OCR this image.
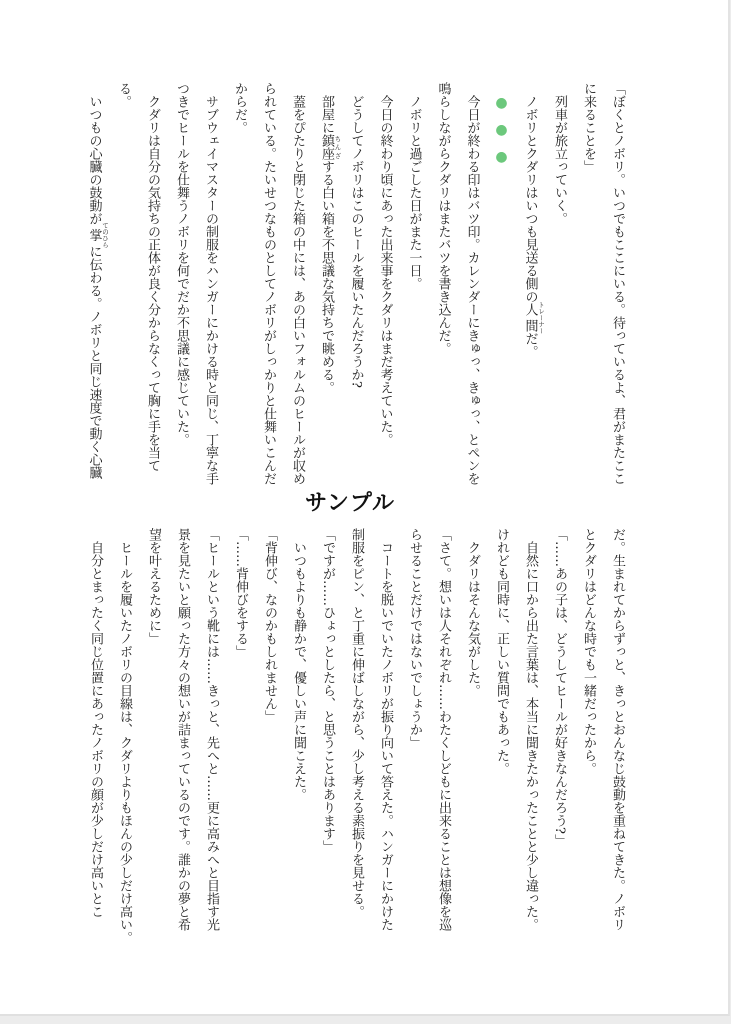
「ぼくとノボリ。いつでもここにいる。待っているよ、君がまたここ

に来ることを」

列車が旅立っていく。

ノボリとクダリはいつも見送る側の人間 トレーナーだ。

●●●

今日が終わる印はバツ印。カレンダーにきゅっ、きゅっ、とペンを

鳴らしながらクダリはまたバツを書き込んだ。

ノボリと過ごした日がまた一日。

今日の終わり頃にあった出来事をクダリはまだ考えていた。

どうしてノボリはこのヒールを履いたんだろうか?

部屋に鎮座 ちんざする白い箱を不思議な気持ちで眺める。

蓋をぴたりと閉じた箱の中には、あの白いフォルムのヒールが収め

られている。たいせつなものとしてノボリがしっかりと仕舞いこんだ

からだ。

サブウェイマスターの制服をハンガーにかける時と同じ、丁寧な手

つきでヒールを仕舞うノボリを何でだか不思議に感じていた。

クダリは自分の気持ちの正体が良く分からなくって胸に手を当て

る。

いつもの心臓の鼓動が掌 てのひらに伝わる。ノボリと同じ速度で動く心臓

サンプル

だ。生まれてからずっと、きっとおんなじ鼓動を重ねてきた。ノボリ

とクダリはどんな時でも一緒だったから。

「……あの子は、どうしてヒールが好きなんだろう?」

自然に口から出た言葉は、本当に聞きたかったことと少し違った。

けれども同時に、正しい質問でもあった。

クダリはそんな気がした。

「さて。想いは人それぞれ……わたくしどもに出来ることは想像を巡

らせることだけではないでしょうか」

コートを脱いでいたノボリが振り向いて答えた。ハンガーにかけた

制服をピン、と丁重に伸ばしながら、少し考える素振りを見せる。

「ですが……ひょっとしたら、と思うことはあります」

いつもよりも静かで、優しい声に聞こえた。

「背伸び、なのかもしれません」

「……背伸びをする」

「ヒールという靴には……きっと、先へと……更に高みへと目指す光

景を見たいと願った方々の想いが詰まっているのです。誰かの夢と希

望を叶えるために」

ヒールを履いたノボリの目線は、クダリよりもほんの少しだけ高い。

自分とまったく同じ位置にあったノボリの顔が少しだけ高いとこ
